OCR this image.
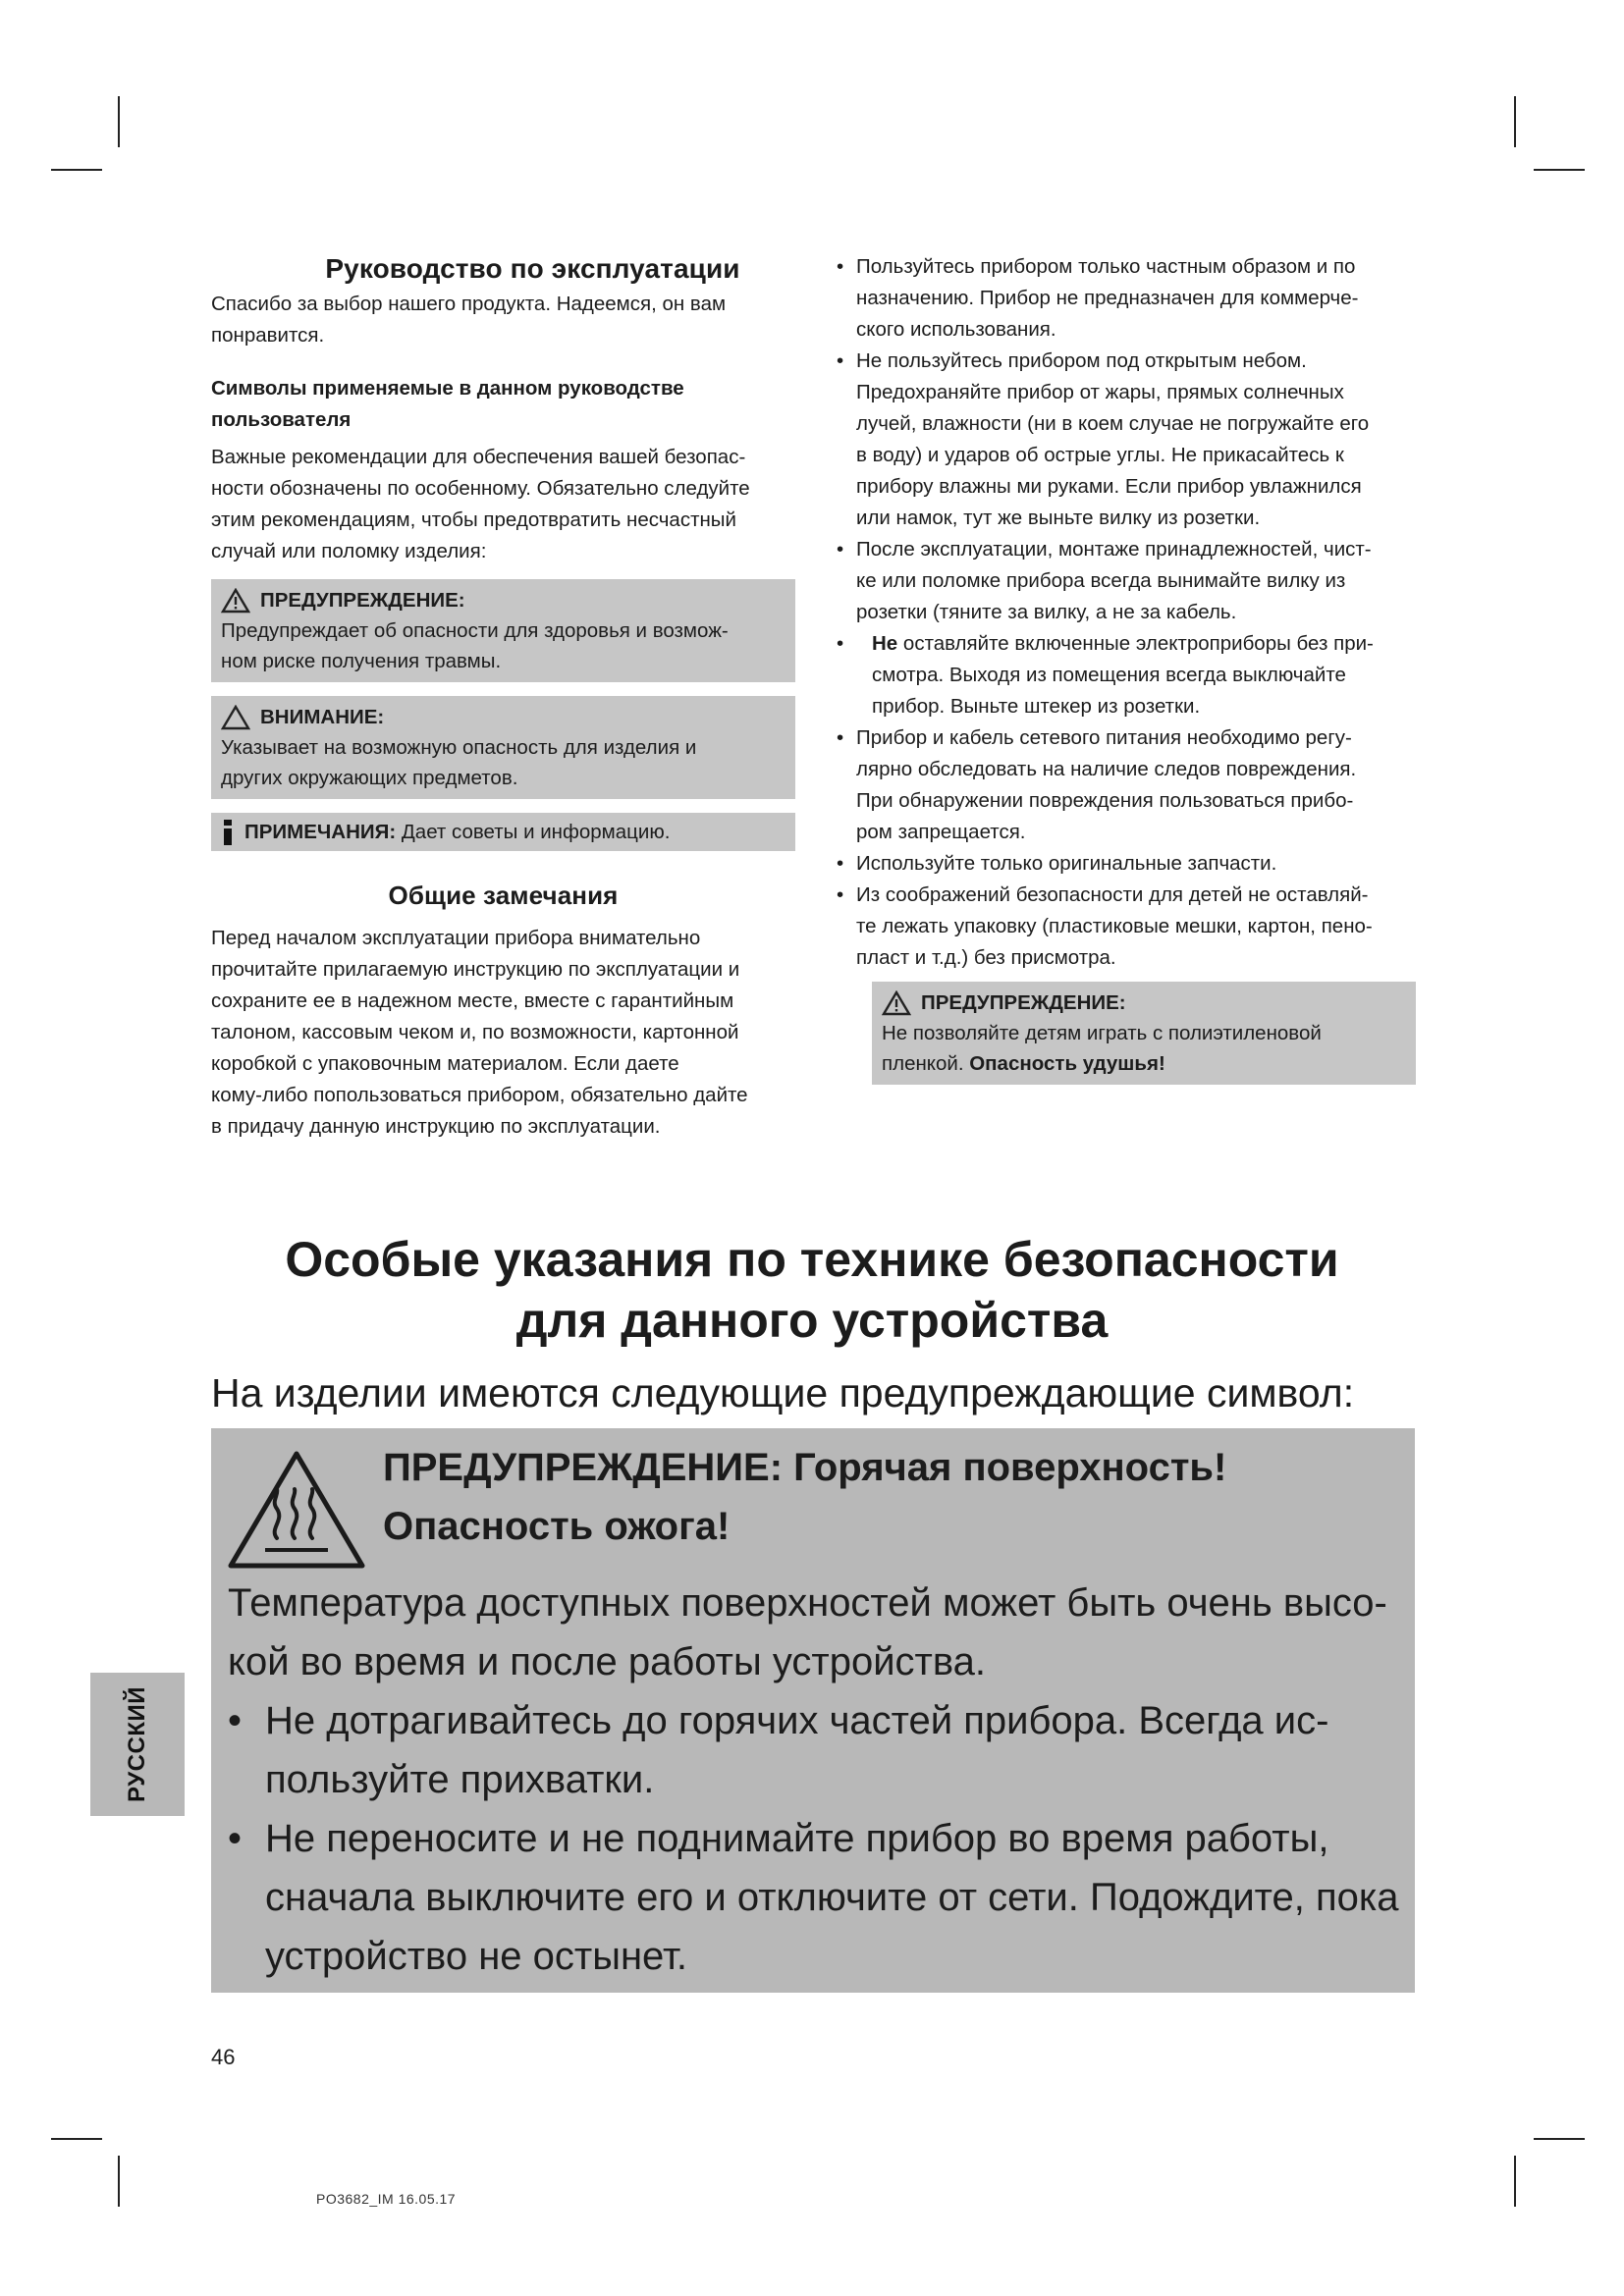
Руководство по эксплуатации

Спасибо за выбор нашего продукта. Надеемся, он вам
понравится.

Символы применяемые в данном руководстве
пользователя

Важные рекомендации для обеспечения вашей безопас-
ности обозначены по особенному. Обязательно следуйте
этим рекомендациям, чтобы предотвратить несчастный
случай или поломку изделия:

ПРЕДУПРЕЖДЕНИЕ:
Предупреждает об опасности для здоровья и возмож-
ном риске получения травмы.
ВНИМАНИЕ:
Указывает на возможную опасность для изделия и
других окружающих предметов.
ПРИМЕЧАНИЯ: Дает советы и информацию.
Общие замечания

Перед началом эксплуатации прибора внимательно
прочитайте прилагаемую инструкцию по эксплуатации и
сохраните ее в надежном месте, вместе с гарантийным
талоном, кассовым чеком и, по возможности, картонной
коробкой с упаковочным материалом. Если даете
кому-либо попользоваться прибором, обязательно дайте
в придачу данную инструкцию по эксплуатации.

• Пользуйтесь прибором только частным образом и по
назначению. Прибор не предназначен для коммерче-
ского использования.
• Не пользуйтесь прибором под открытым небом.
Предохраняйте прибор от жары, прямых солнечных
лучей, влажности (ни в коем случае не погружайте его
в воду) и ударов об острые углы. Не прикасайтесь к
прибору влажны ми руками. Если прибор увлажнился
или намок, тут же выньте вилку из розетки.
• После эксплуатации, монтаже принадлежностей, чист-
ке или поломке прибора всегда вынимайте вилку из
розетки (тяните за вилку, а не за кабель.
• Не оставляйте включенные электроприборы без при-
смотра. Выходя из помещения всегда выключайте
прибор. Выньте штекер из розетки.
• Прибор и кабель сетевого питания необходимо регу-
лярно обследовать на наличие следов повреждения.
При обнаружении повреждения пользоваться прибо-
ром запрещается.
• Используйте только оригинальные запчасти.
• Из соображений безопасности для детей не оставляй-
те лежать упаковку (пластиковые мешки, картон, пено-
пласт и т.д.) без присмотра.
ПРЕДУПРЕЖДЕНИЕ:
Не позволяйте детям играть с полиэтиленовой
пленкой. Опасность удушья!
Особые указания по технике безопасности
для данного устройства

На изделии имеются следующие предупреждающие символ:

ПРЕДУПРЕЖДЕНИЕ: Горячая поверхность!
Опасность ожога!

Температура доступных поверхностей может быть очень высо-
кой во время и после работы устройства.

• Не дотрагивайтесь до горячих частей прибора. Всегда ис-
пользуйте прихватки.
• Не переносите и не поднимайте прибор во время работы,
сначала выключите его и отключите от сети. Подождите, пока
устройство не остынет.
РУССКИЙ
46
PO3682_IM 16.05.17
